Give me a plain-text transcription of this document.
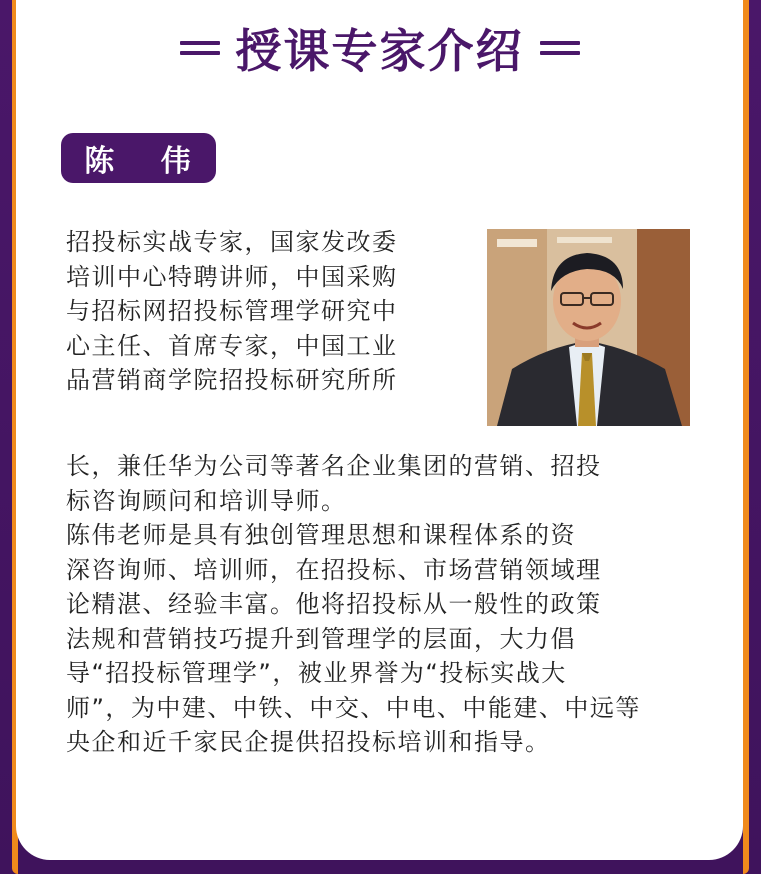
授课专家介绍
陈 伟
招投标实战专家，国家发改委
培训中心特聘讲师，中国采购
与招标网招投标管理学研究中
心主任、首席专家，中国工业
品营销商学院招投标研究所所
长，兼任华为公司等著名企业集团的营销、招投
标咨询顾问和培训导师。
陈伟老师是具有独创管理思想和课程体系的资
深咨询师、培训师，在招投标、市场营销领域理
论精湛、经验丰富。他将招投标从一般性的政策
法规和营销技巧提升到管理学的层面，大力倡
导“招投标管理学”，被业界誉为“投标实战大
师”，为中建、中铁、中交、中电、中能建、中远等
央企和近千家民企提供招投标培训和指导。
